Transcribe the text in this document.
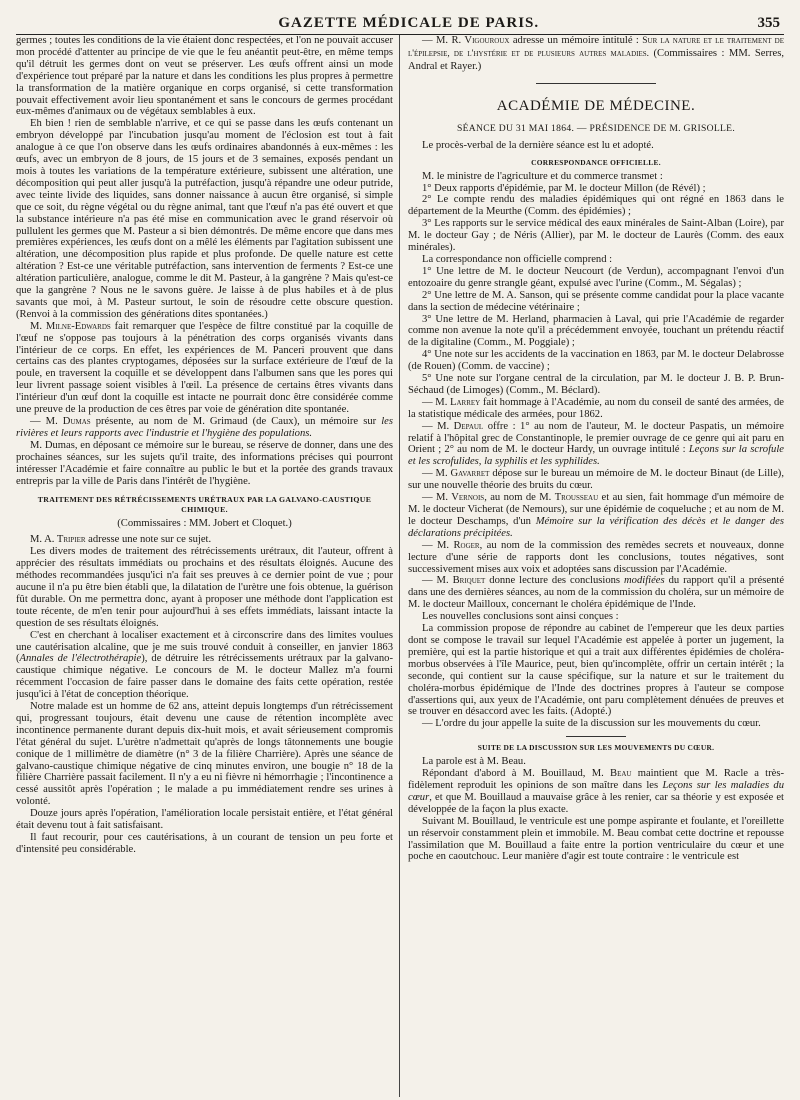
GAZETTE MÉDICALE DE PARIS.	355

germes ; toutes les conditions de la vie étaient donc respectées, et l'on ne pouvait accuser mon procédé d'attenter au principe de vie que le feu anéantit peut-être, en même temps qu'il détruit les germes dont on veut se préserver. Les œufs offrent ainsi un mode d'expérience tout préparé par la nature et dans les conditions les plus propres à permettre la transformation de la matière organique en corps organisé, si cette transformation pouvait effectivement avoir lieu spontanément et sans le concours de germes procédant eux-mêmes d'animaux ou de végétaux semblables à eux.

Eh bien ! rien de semblable n'arrive, et ce qui se passe dans les œufs contenant un embryon développé par l'incubation jusqu'au moment de l'éclosion est tout à fait analogue à ce que l'on observe dans les œufs ordinaires abandonnés à eux-mêmes : les œufs, avec un embryon de 8 jours, de 15 jours et de 3 semaines, exposés pendant un mois à toutes les variations de la température extérieure, subissent une altération, une décomposition qui peut aller jusqu'à la putréfaction, jusqu'à répandre une odeur putride, avec teinte livide des liquides, sans donner naissance à aucun être organisé, si simple que ce soit, du règne végétal ou du règne animal, tant que l'œuf n'a pas été ouvert et que la substance intérieure n'a pas été mise en communication avec le grand réservoir où pullulent les germes que M. Pasteur a si bien démontrés. De même encore que dans mes premières expériences, les œufs dont on a mêlé les éléments par l'agitation subissent une altération, une décomposition plus rapide et plus profonde. De quelle nature est cette altération ? Est-ce une véritable putréfaction, sans intervention de ferments ? Est-ce une altération particulière, analogue, comme le dit M. Pasteur, à la gangrène ? Mais qu'est-ce que la gangrène ? Nous ne le savons guère. Je laisse à de plus habiles et à de plus savants que moi, à M. Pasteur surtout, le soin de résoudre cette obscure question. (Renvoi à la commission des générations dites spontanées.)

M. Milne-Edwards fait remarquer que l'espèce de filtre constitué par la coquille de l'œuf ne s'oppose pas toujours à la pénétration des corps organisés vivants dans l'intérieur de ce corps. En effet, les expériences de M. Panceri prouvent que dans certains cas des plantes cryptogames, déposées sur la surface extérieure de l'œuf de la poule, en traversent la coquille et se développent dans l'albumen sans que les pores qui leur livrent passage soient visibles à l'œil. La présence de certains êtres vivants dans l'intérieur d'un œuf dont la coquille est intacte ne pourrait donc être considérée comme une preuve de la production de ces êtres par voie de génération dite spontanée.

— M. Dumas présente, au nom de M. Grimaud (de Caux), un mémoire sur les rivières et leurs rapports avec l'industrie et l'hygiène des populations.

M. Dumas, en déposant ce mémoire sur le bureau, se réserve de donner, dans une des prochaines séances, sur les sujets qu'il traite, des informations précises qui pourront intéresser l'Académie et faire connaître au public le but et la portée des grands travaux entrepris par la ville de Paris dans l'intérêt de l'hygiène.

TRAITEMENT DES RÉTRÉCISSEMENTS URÉTRAUX PAR LA GALVANO-CAUSTIQUE CHIMIQUE.

(Commissaires : MM. Jobert et Cloquet.)

M. A. Tripier adresse une note sur ce sujet.

Les divers modes de traitement des rétrécissements urétraux, dit l'auteur, offrent à apprécier des résultats immédiats ou prochains et des résultats éloignés. Aucune des méthodes recommandées jusqu'ici n'a fait ses preuves à ce dernier point de vue ; pour aucune il n'a pu être bien établi que, la dilatation de l'urètre une fois obtenue, la guérison fût durable. On me permettra donc, ayant à proposer une méthode dont l'application est toute récente, de m'en tenir pour aujourd'hui à ses effets immédiats, laissant intacte la question de ses résultats éloignés.

C'est en cherchant à localiser exactement et à circonscrire dans des limites voulues une cautérisation alcaline, que je me suis trouvé conduit à conseiller, en janvier 1863 (Annales de l'électrothérapie), de détruire les rétrécissements urétraux par la galvano-caustique chimique négative. Le concours de M. le docteur Mallez m'a fourni récemment l'occasion de faire passer dans le domaine des faits cette opération, restée jusqu'ici à l'état de conception théorique.

Notre malade est un homme de 62 ans, atteint depuis longtemps d'un rétrécissement qui, progressant toujours, était devenu une cause de rétention incomplète avec incontinence permanente durant depuis dix-huit mois, et avait sérieusement compromis l'état général du sujet. L'urètre n'admettait qu'après de longs tâtonnements une bougie conique de 1 millimètre de diamètre (n° 3 de la filière Charrière). Après une séance de galvano-caustique chimique négative de cinq minutes environ, une bougie n° 18 de la filière Charrière passait facilement. Il n'y a eu ni fièvre ni hémorrhagie ; l'incontinence a cessé aussitôt après l'opération ; le malade a pu immédiatement rendre ses urines à volonté.

Douze jours après l'opération, l'amélioration locale persistait entière, et l'état général était devenu tout à fait satisfaisant.

Il faut recourir, pour ces cautérisations, à un courant de tension un peu forte et d'intensité peu considérable.

— M. R. Vigouroux adresse un mémoire intitulé : Sur la nature et le traitement de l'épilepsie, de l'hystérie et de plusieurs autres maladies. (Commissaires : MM. Serres, Andral et Rayer.)

ACADÉMIE DE MÉDECINE.
SÉANCE DU 31 MAI 1864. — PRÉSIDENCE DE M. GRISOLLE.

Le procès-verbal de la dernière séance est lu et adopté.

CORRESPONDANCE OFFICIELLE.

M. le ministre de l'agriculture et du commerce transmet :

1° Deux rapports d'épidémie, par M. le docteur Millon (de Révél) ;

2° Le compte rendu des maladies épidémiques qui ont régné en 1863 dans le département de la Meurthe (Comm. des épidémies) ;

3° Les rapports sur le service médical des eaux minérales de Saint-Alban (Loire), par M. le docteur Gay ; de Néris (Allier), par M. le docteur de Laurès (Comm. des eaux minérales).

La correspondance non officielle comprend :

1° Une lettre de M. le docteur Neucourt (de Verdun), accompagnant l'envoi d'un entozoaire du genre strangle géant, expulsé avec l'urine (Comm., M. Ségalas) ;

2° Une lettre de M. A. Sanson, qui se présente comme candidat pour la place vacante dans la section de médecine vétérinaire ;

3° Une lettre de M. Herland, pharmacien à Laval, qui prie l'Académie de regarder comme non avenue la note qu'il a précédemment envoyée, touchant un prétendu réactif de la digitaline (Comm., M. Poggiale) ;

4° Une note sur les accidents de la vaccination en 1863, par M. le docteur Delabrosse (de Rouen) (Comm. de vaccine) ;

5° Une note sur l'organe central de la circulation, par M. le docteur J. B. P. Brun-Séchaud (de Limoges) (Comm., M. Béclard).

— M. Larrey fait hommage à l'Académie, au nom du conseil de santé des armées, de la statistique médicale des armées, pour 1862.

— M. Depaul offre : 1° au nom de l'auteur, M. le docteur Paspatis, un mémoire relatif à l'hôpital grec de Constantinople, le premier ouvrage de ce genre qui ait paru en Orient ; 2° au nom de M. le docteur Hardy, un ouvrage intitulé : Leçons sur la scrofule et les scrofulides, la syphilis et les syphilides.

— M. Gavarret dépose sur le bureau un mémoire de M. le docteur Binaut (de Lille), sur une nouvelle théorie des bruits du cœur.

— M. Vernois, au nom de M. Trousseau et au sien, fait hommage d'un mémoire de M. le docteur Vicherat (de Nemours), sur une épidémie de coqueluche ; et au nom de M. le docteur Deschamps, d'un Mémoire sur la vérification des décès et le danger des déclarations précipitées.

— M. Roger, au nom de la commission des remèdes secrets et nouveaux, donne lecture d'une série de rapports dont les conclusions, toutes négatives, sont successivement mises aux voix et adoptées sans discussion par l'Académie.

— M. Briquet donne lecture des conclusions modifiées du rapport qu'il a présenté dans une des dernières séances, au nom de la commission du choléra, sur un mémoire de M. le docteur Mailloux, concernant le choléra épidémique de l'Inde.

Les nouvelles conclusions sont ainsi conçues :

La commission propose de répondre au cabinet de l'empereur que les deux parties dont se compose le travail sur lequel l'Académie est appelée à porter un jugement, la première, qui est la partie historique et qui a trait aux différentes épidémies de choléra-morbus observées à l'île Maurice, peut, bien qu'incomplète, offrir un certain intérêt ; la seconde, qui contient sur la cause spécifique, sur la nature et sur le traitement du choléra-morbus épidémique de l'Inde des doctrines propres à l'auteur se compose d'assertions qui, aux yeux de l'Académie, ont paru complètement dénuées de preuves et se trouver en désaccord avec les faits. (Adopté.)

— L'ordre du jour appelle la suite de la discussion sur les mouvements du cœur.

SUITE DE LA DISCUSSION SUR LES MOUVEMENTS DU CŒUR.

La parole est à M. Beau.

Répondant d'abord à M. Bouillaud, M. Beau maintient que M. Racle a très-fidèlement reproduit les opinions de son maître dans les Leçons sur les maladies du cœur, et que M. Bouillaud a mauvaise grâce à les renier, car sa théorie y est exposée et développée de la façon la plus exacte.

Suivant M. Bouillaud, le ventricule est une pompe aspirante et foulante, et l'oreillette un réservoir constamment plein et immobile. M. Beau combat cette doctrine et repousse l'assimilation que M. Bouillaud a faite entre la portion ventriculaire du cœur et une poche en caoutchouc. Leur manière d'agir est toute contraire : le ventricule est
